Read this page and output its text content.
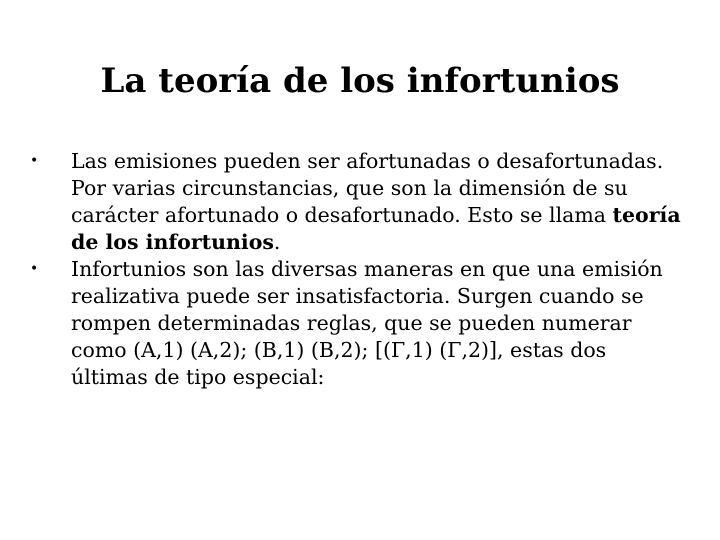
La teoría de los infortunios
• Las emisiones pueden ser afortunadas o desafortunadas. Por varias circunstancias, que son la dimensión de su carácter afortunado o desafortunado. Esto se llama teoría de los infortunios.
• Infortunios son las diversas maneras en que una emisión realizativa puede ser insatisfactoria. Surgen cuando se rompen determinadas reglas, que se pueden numerar como (A,1) (A,2); (B,1) (B,2); [(Γ,1) (Γ,2)], estas dos últimas de tipo especial:
